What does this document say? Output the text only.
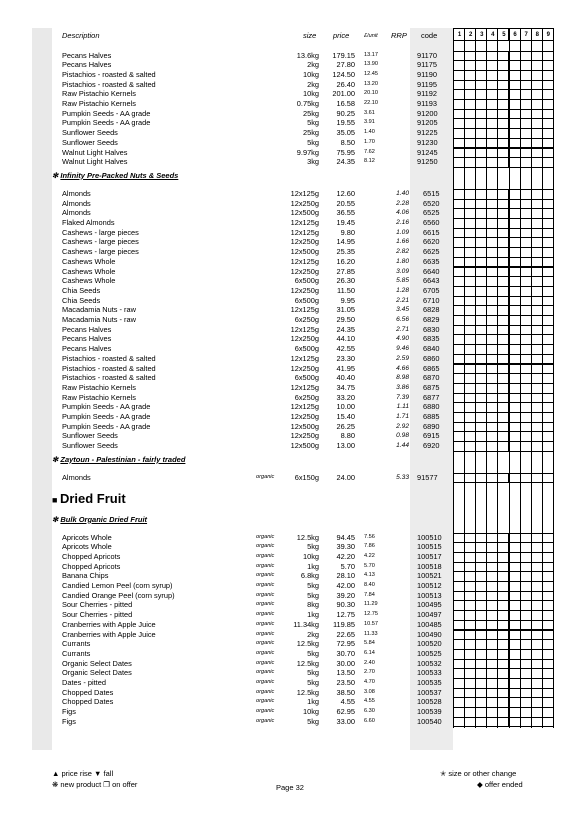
Description	size price	£/unit RRP code	1	2	3	4	5	6	7	8	9
Pecans Halves	13.6kg 179.15 13.17	91170
Pecans Halves	2kg 27.80 13.90	91175
Pistachios - roasted & salted	10kg 124.50 12.45	91190
Pistachios - roasted & salted	2kg 26.40 13.20	91195
Raw Pistachio Kernels	10kg 201.00 20.10	91192
Raw Pistachio Kernels	0.75kg 16.58 22.10	91193
Pumpkin Seeds - AA grade	25kg 90.25 3.61	91200
Pumpkin Seeds - AA grade	5kg 19.55 3.91	91205
Sunflower Seeds	25kg 35.05 1.40	91225
Sunflower Seeds	5kg	8.50 1.70	91230
Walnut Light Halves	9.97kg 75.95 7.62	91245
Walnut Light Halves	3kg 24.35 8.12	91250
✻ Infinity Pre-Packed Nuts & Seeds
Almonds	12x125g 12.60	1.40 6515
Almonds	12x250g 20.55	2.28 6520
Almonds	12x500g 36.55	4.06 6525
Flaked Almonds	12x125g 19.45	2.16 6560
Cashews - large pieces	12x125g	9.80	1.09 6615
Cashews - large pieces	12x250g 14.95	1.66 6620
Cashews - large pieces	12x500g 25.35	2.82 6625
Cashews Whole	12x125g 16.20	1.80 6635
Cashews Whole	12x250g 27.85	3.09 6640
Cashews Whole	6x500g 26.30	5.85 6643
Chia Seeds	12x250g 11.50	1.28 6705
Chia Seeds	6x500g	9.95	2.21 6710
Macadamia Nuts - raw	12x125g 31.05	3.45 6828
Macadamia Nuts - raw	6x250g 29.50	6.56 6829
Pecans Halves	12x125g 24.35	2.71 6830
Pecans Halves	12x250g 44.10	4.90 6835
Pecans Halves	6x500g 42.55	9.46 6840
Pistachios - roasted & salted	12x125g 23.30	2.59 6860
Pistachios - roasted & salted	12x250g 41.95	4.66 6865
Pistachios - roasted & salted	6x500g 40.40	8.98 6870
Raw Pistachio Kernels	12x125g 34.75	3.86 6875
Raw Pistachio Kernels	6x250g 33.20	7.39 6877
Pumpkin Seeds - AA grade	12x125g 10.00	1.11 6880
Pumpkin Seeds - AA grade	12x250g 15.40	1.71 6885
Pumpkin Seeds - AA grade	12x500g 26.25	2.92 6890
Sunflower Seeds	12x250g	8.80	0.98 6915
Sunflower Seeds	12x500g 13.00	1.44 6920
✻ Zaytoun - Palestinian - fairly traded
Almonds	organic	6x150g 24.00	5.33 91577
■ Dried Fruit
✻ Bulk Organic Dried Fruit
Apricots Whole	organic	12.5kg 94.45 7.56	100510
Apricots Whole	organic	5kg 39.30 7.86	100515
Chopped Apricots	organic	10kg 42.20 4.22	100517
Chopped Apricots	organic	1kg	5.70 5.70	100518
Banana Chips	organic	6.8kg 28.10 4.13	100521
Candied Lemon Peel (corn syrup)	organic	5kg 42.00 8.40	100512
Candied Orange Peel (corn syrup)	organic	5kg 39.20 7.84	100513
Sour Cherries - pitted	organic	8kg 90.30 11.29	100495
Sour Cherries - pitted	organic	1kg 12.75 12.75	100497
Cranberries with Apple Juice	organic	11.34kg 119.85 10.57	100485
Cranberries with Apple Juice	organic	2kg 22.65 11.33	100490
Currants	organic	12.5kg 72.95 5.84	100520
Currants	organic	5kg 30.70 6.14	100525
Organic Select Dates	organic	12.5kg 30.00 2.40	100532
Organic Select Dates	organic	5kg 13.50 2.70	100533
Dates - pitted	organic	5kg 23.50 4.70	100535
Chopped Dates	organic	12.5kg 38.50 3.08	100537
Chopped Dates	organic	1kg	4.55 4.55	100528
Figs	organic	10kg 62.95 6.30	100539
Figs	organic	5kg 33.00 6.60	100540
▲ price rise ▼ fall
❋ new product ❐ on offer	Page 32
✭ size or other change
◆ offer ended
